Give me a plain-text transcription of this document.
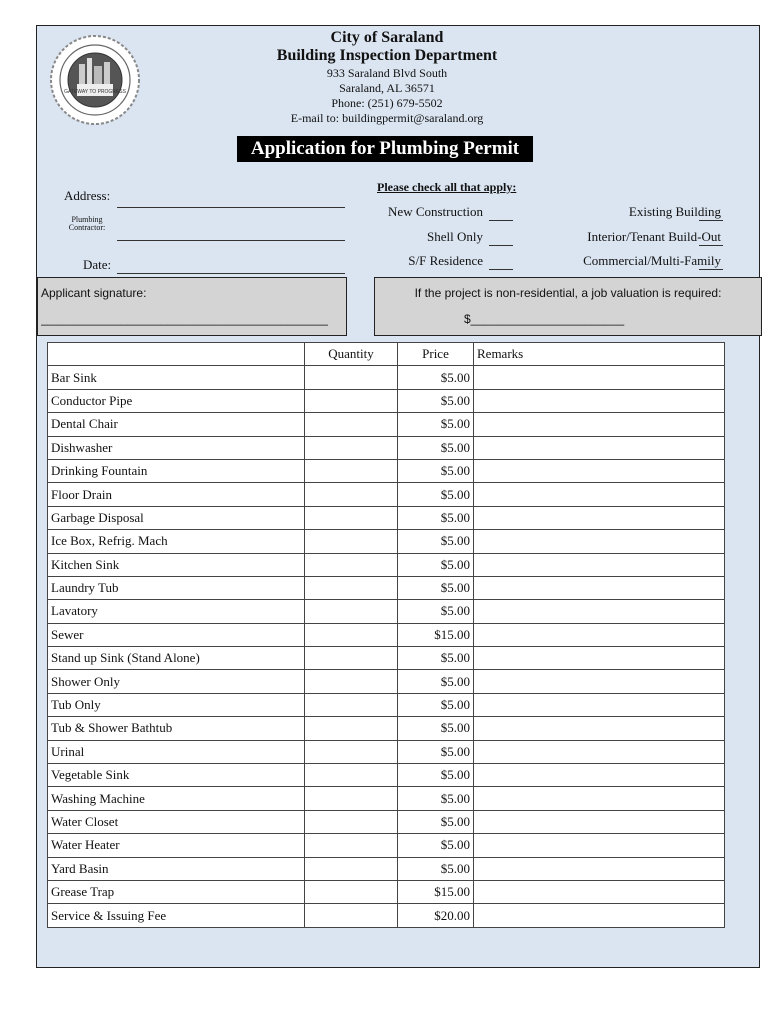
GATEWAY TO PROGRESS
City of Saraland
Building Inspection Department
933 Saraland Blvd South
Saraland, AL 36571
Phone: (251) 679-5502
E-mail to: buildingpermit@saraland.org
Application for Plumbing Permit
Address:
Plumbing
Contractor:
Date:
Please check all that apply:
New Construction	Existing Building
Shell Only	Interior/Tenant Build-Out
S/F Residence	Commercial/Multi-Family
Applicant signature:
___________________________________________
If the project is non-residential, a job valuation is required:
$_______________________
	Quantity	Price	Remarks
Bar Sink		$5.00	
Conductor Pipe		$5.00	
Dental Chair		$5.00	
Dishwasher		$5.00	
Drinking Fountain		$5.00	
Floor Drain		$5.00	
Garbage Disposal		$5.00	
Ice Box, Refrig. Mach		$5.00	
Kitchen Sink		$5.00	
Laundry Tub		$5.00	
Lavatory		$5.00	
Sewer		$15.00	
Stand up Sink (Stand Alone)		$5.00	
Shower Only		$5.00	
Tub Only		$5.00	
Tub & Shower Bathtub		$5.00	
Urinal		$5.00	
Vegetable Sink		$5.00	
Washing Machine		$5.00	
Water Closet		$5.00	
Water Heater		$5.00	
Yard Basin		$5.00	
Grease Trap		$15.00	
Service & Issuing Fee		$20.00	
